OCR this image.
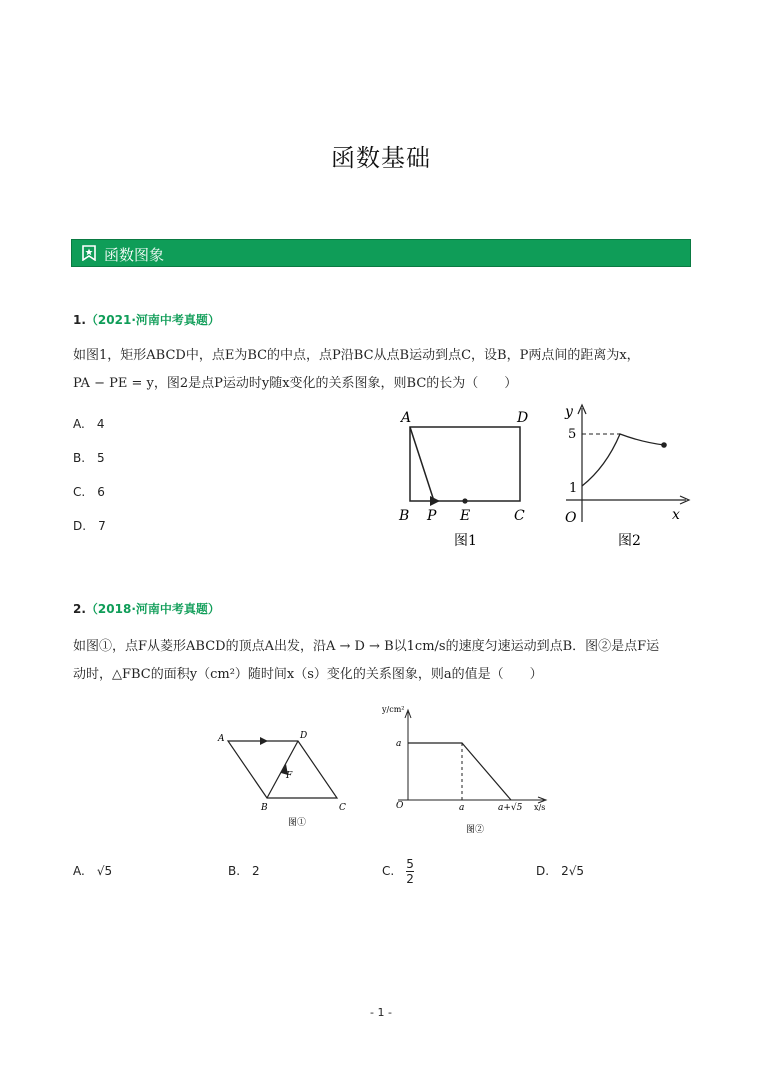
函数基础
函数图象
1.（2021·河南中考真题）
如图1，矩形ABCD中，点E为BC的中点，点P沿BC从点B运动到点C，设B，P两点间的距离为x，
PA − PE = y，图2是点P运动时y随x变化的关系图象，则BC的长为（　　）
A. 4
B. 5
C. 6
D. 7
A	D
B P E	C
图1
y
x
O
5
1
图2
2.（2018·河南中考真题）
如图①，点F从菱形ABCD的顶点A出发，沿A → D → B以1cm/s的速度匀速运动到点B．图②是点F运
动时，△FBC的面积y（cm²）随时间x（s）变化的关系图象，则a的值是（　　）
A	D
F
B	C
图①
y/cm²
x/s
O
a
a	a+√5
图②
A. √5	B. 2	C. $\frac{5}{2}$	D. 2√5
- 1 -
